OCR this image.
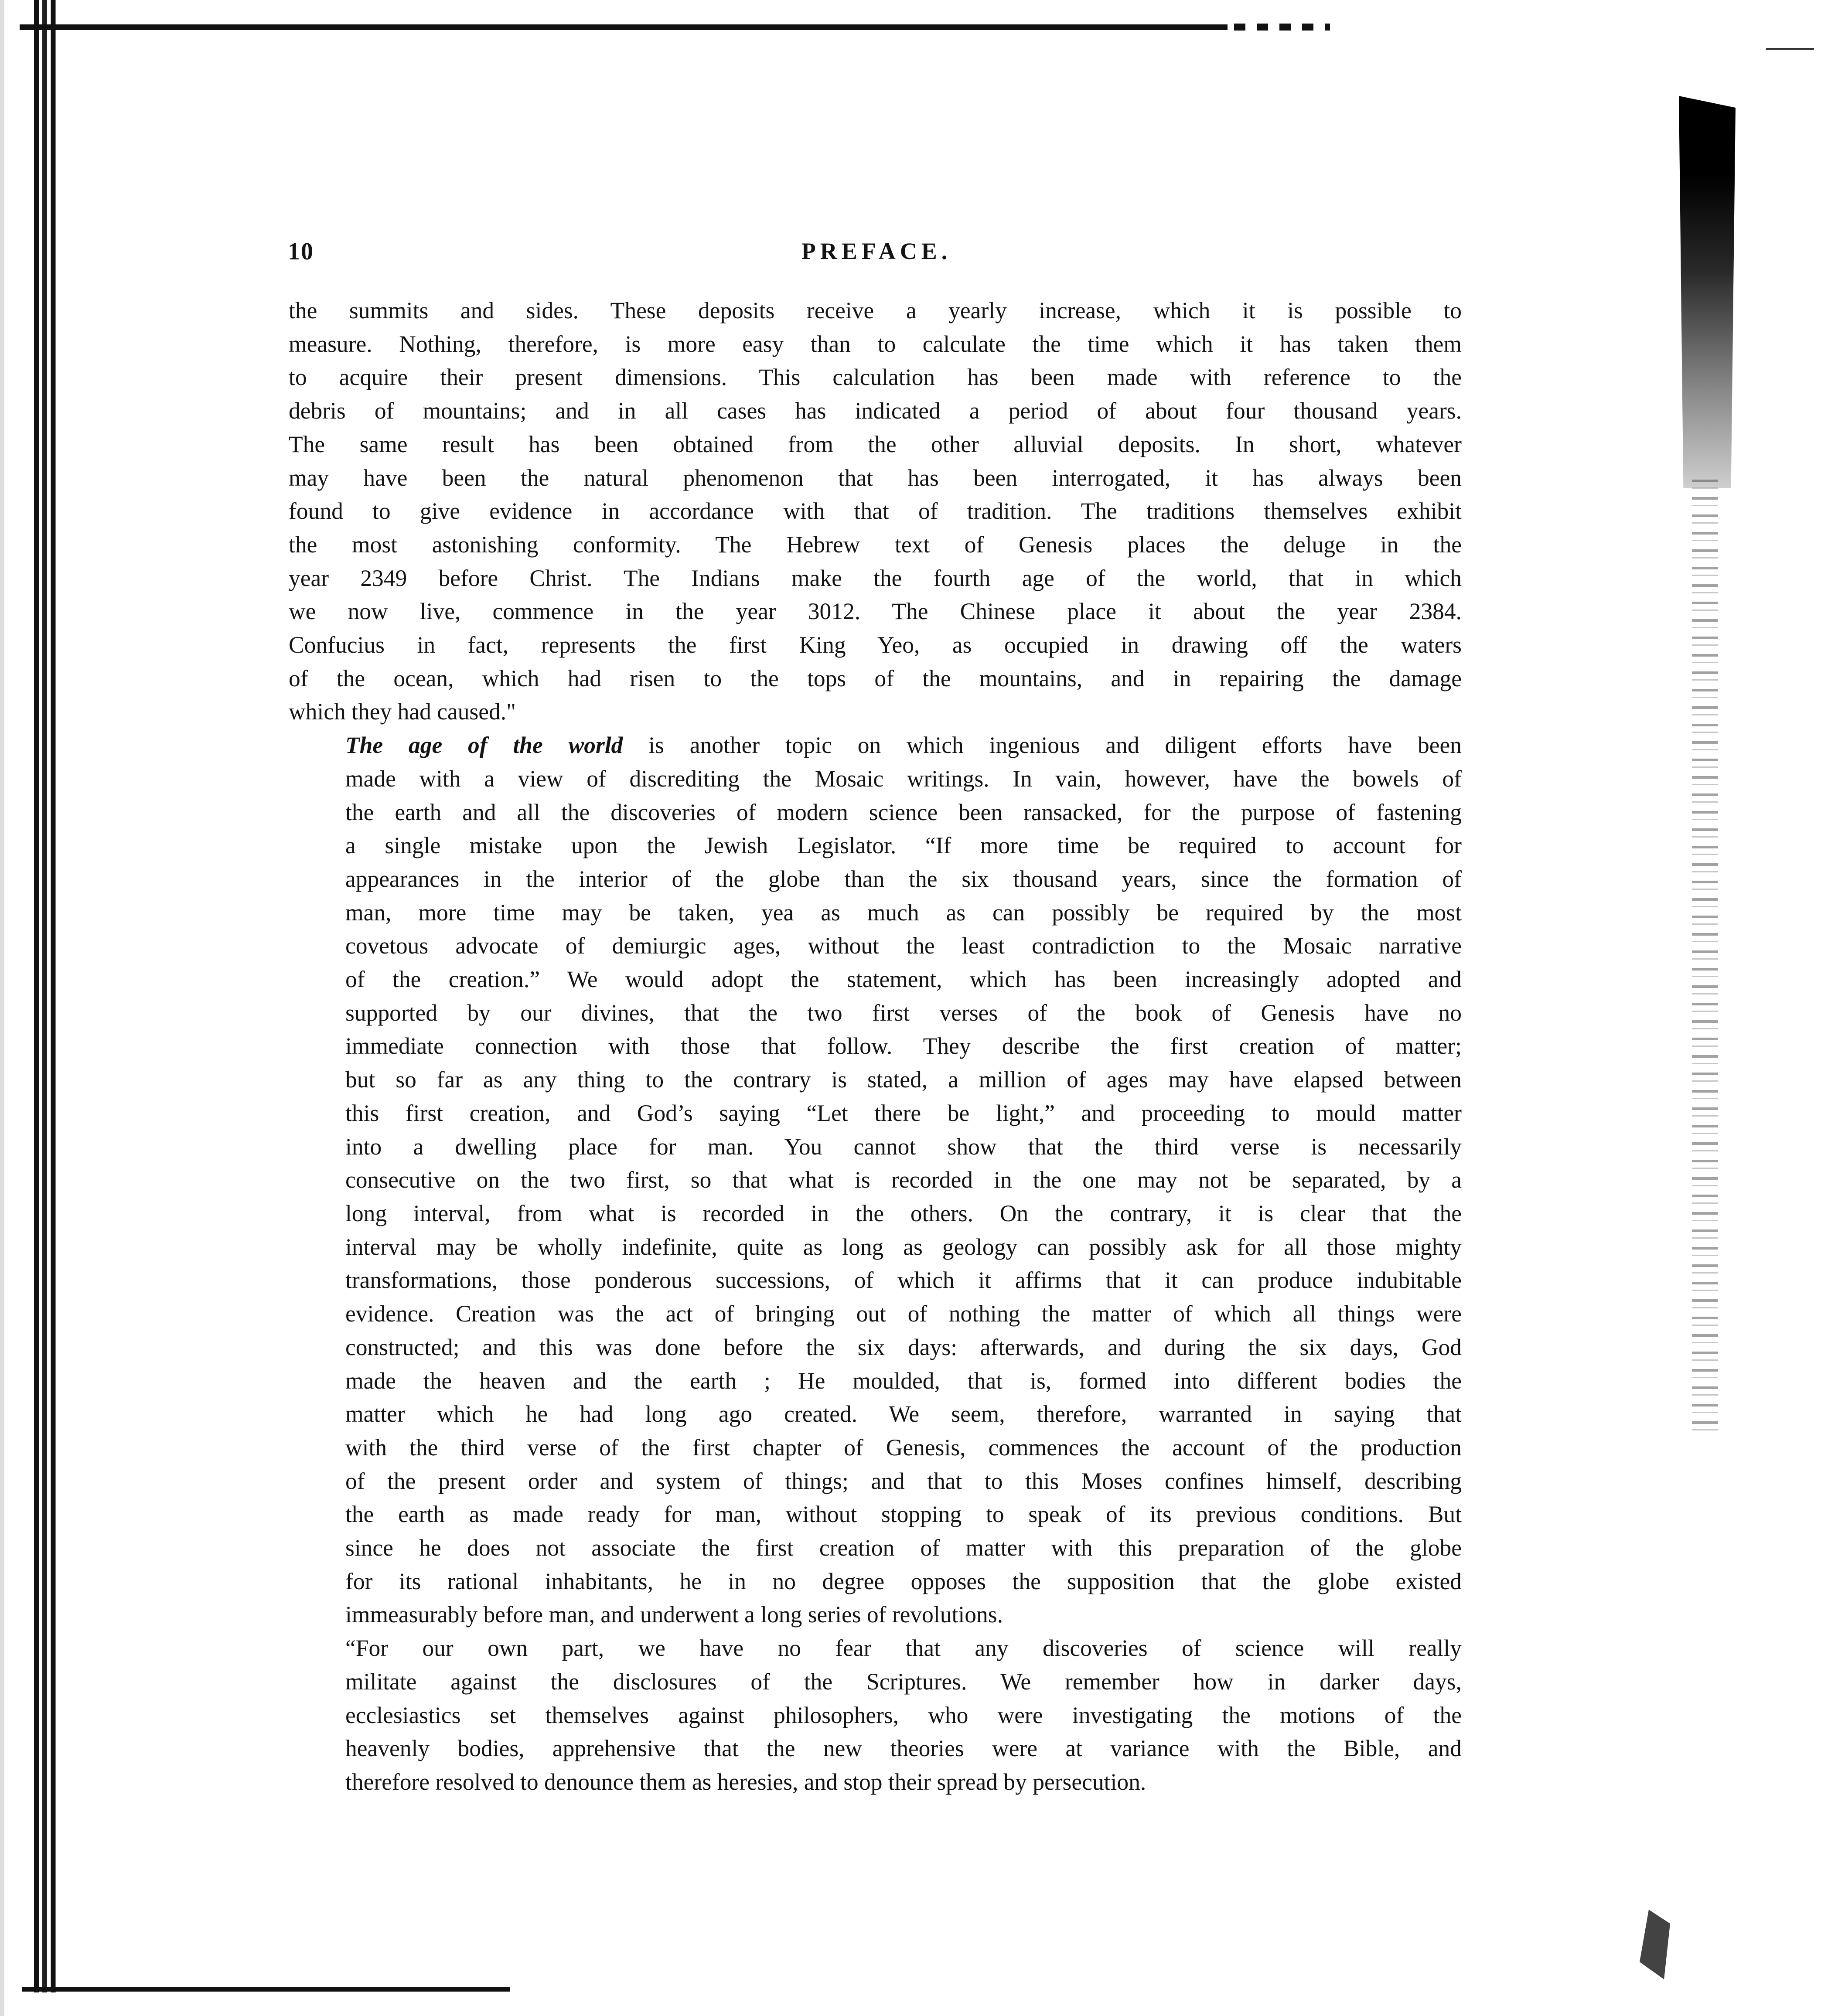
10	PREFACE.

the summits and sides. These deposits receive a yearly increase, which it is possible to
measure. Nothing, therefore, is more easy than to calculate the time which it has taken them
to acquire their present dimensions. This calculation has been made with reference to the
debris of mountains; and in all cases has indicated a period of about four thousand years.
The same result has been obtained from the other alluvial deposits. In short, whatever
may have been the natural phenomenon that has been interrogated, it has always been
found to give evidence in accordance with that of tradition. The traditions themselves exhibit
the most astonishing conformity. The Hebrew text of Genesis places the deluge in the
year 2349 before Christ. The Indians make the fourth age of the world, that in which
we now live, commence in the year 3012. The Chinese place it about the year 2384.
Confucius in fact, represents the first King Yeo, as occupied in drawing off the waters
of the ocean, which had risen to the tops of the mountains, and in repairing the damage
which they had caused."

The age of the world is another topic on which ingenious and diligent efforts have been
made with a view of discrediting the Mosaic writings. In vain, however, have the bowels of
the earth and all the discoveries of modern science been ransacked, for the purpose of fastening
a single mistake upon the Jewish Legislator. “If more time be required to account for
appearances in the interior of the globe than the six thousand years, since the formation of
man, more time may be taken, yea as much as can possibly be required by the most
covetous advocate of demiurgic ages, without the least contradiction to the Mosaic narrative
of the creation.” We would adopt the statement, which has been increasingly adopted and
supported by our divines, that the two first verses of the book of Genesis have no
immediate connection with those that follow. They describe the first creation of matter;
but so far as any thing to the contrary is stated, a million of ages may have elapsed between
this first creation, and God’s saying “Let there be light,” and proceeding to mould matter
into a dwelling place for man. You cannot show that the third verse is necessarily
consecutive on the two first, so that what is recorded in the one may not be separated, by a
long interval, from what is recorded in the others. On the contrary, it is clear that the
interval may be wholly indefinite, quite as long as geology can possibly ask for all those mighty
transformations, those ponderous successions, of which it affirms that it can produce indubitable
evidence. Creation was the act of bringing out of nothing the matter of which all things were
constructed; and this was done before the six days: afterwards, and during the six days, God
made the heaven and the earth ; He moulded, that is, formed into different bodies the
matter which he had long ago created. We seem, therefore, warranted in saying that
with the third verse of the first chapter of Genesis, commences the account of the production
of the present order and system of things; and that to this Moses confines himself, describing
the earth as made ready for man, without stopping to speak of its previous conditions. But
since he does not associate the first creation of matter with this preparation of the globe
for its rational inhabitants, he in no degree opposes the supposition that the globe existed
immeasurably before man, and underwent a long series of revolutions.

“For our own part, we have no fear that any discoveries of science will really
militate against the disclosures of the Scriptures. We remember how in darker days,
ecclesiastics set themselves against philosophers, who were investigating the motions of the
heavenly bodies, apprehensive that the new theories were at variance with the Bible, and
therefore resolved to denounce them as heresies, and stop their spread by persecution.
